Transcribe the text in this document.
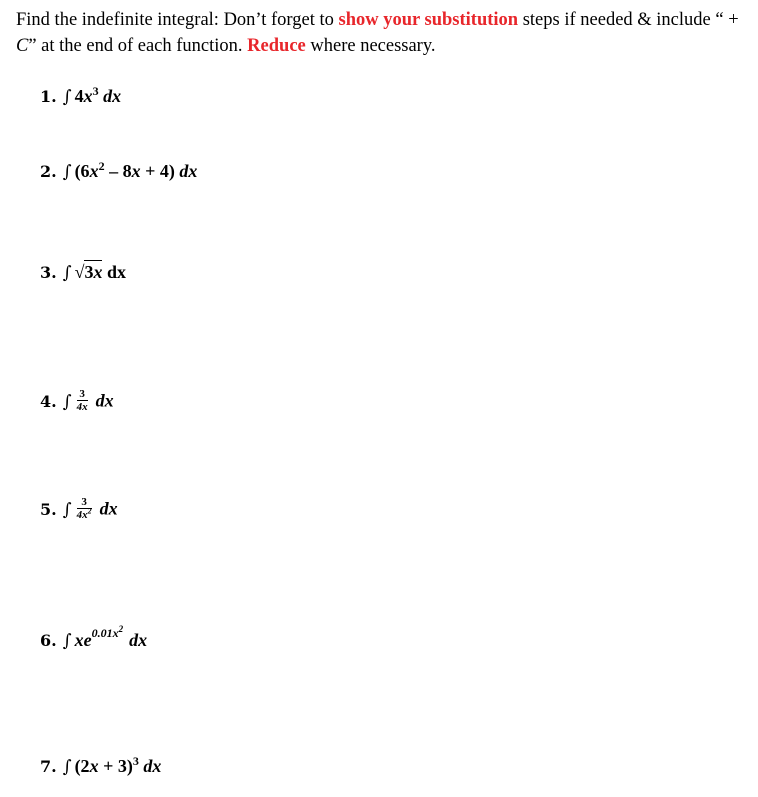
Find the indefinite integral: Don’t forget to show your substitution steps if needed & include “ + C” at the end of each function. Reduce where necessary.
1. ∫ $4x^3$ dx
2. ∫ $(6x^2 - 8x + 4)$ dx
3. ∫ √3x dx
4. ∫ $\frac{3}{4x}$ dx
5. ∫ $\frac{3}{4x^2}$ dx
6. ∫ $xe^{0.01x^2}dx$
7. ∫ $(2x + 3)^3$ dx
